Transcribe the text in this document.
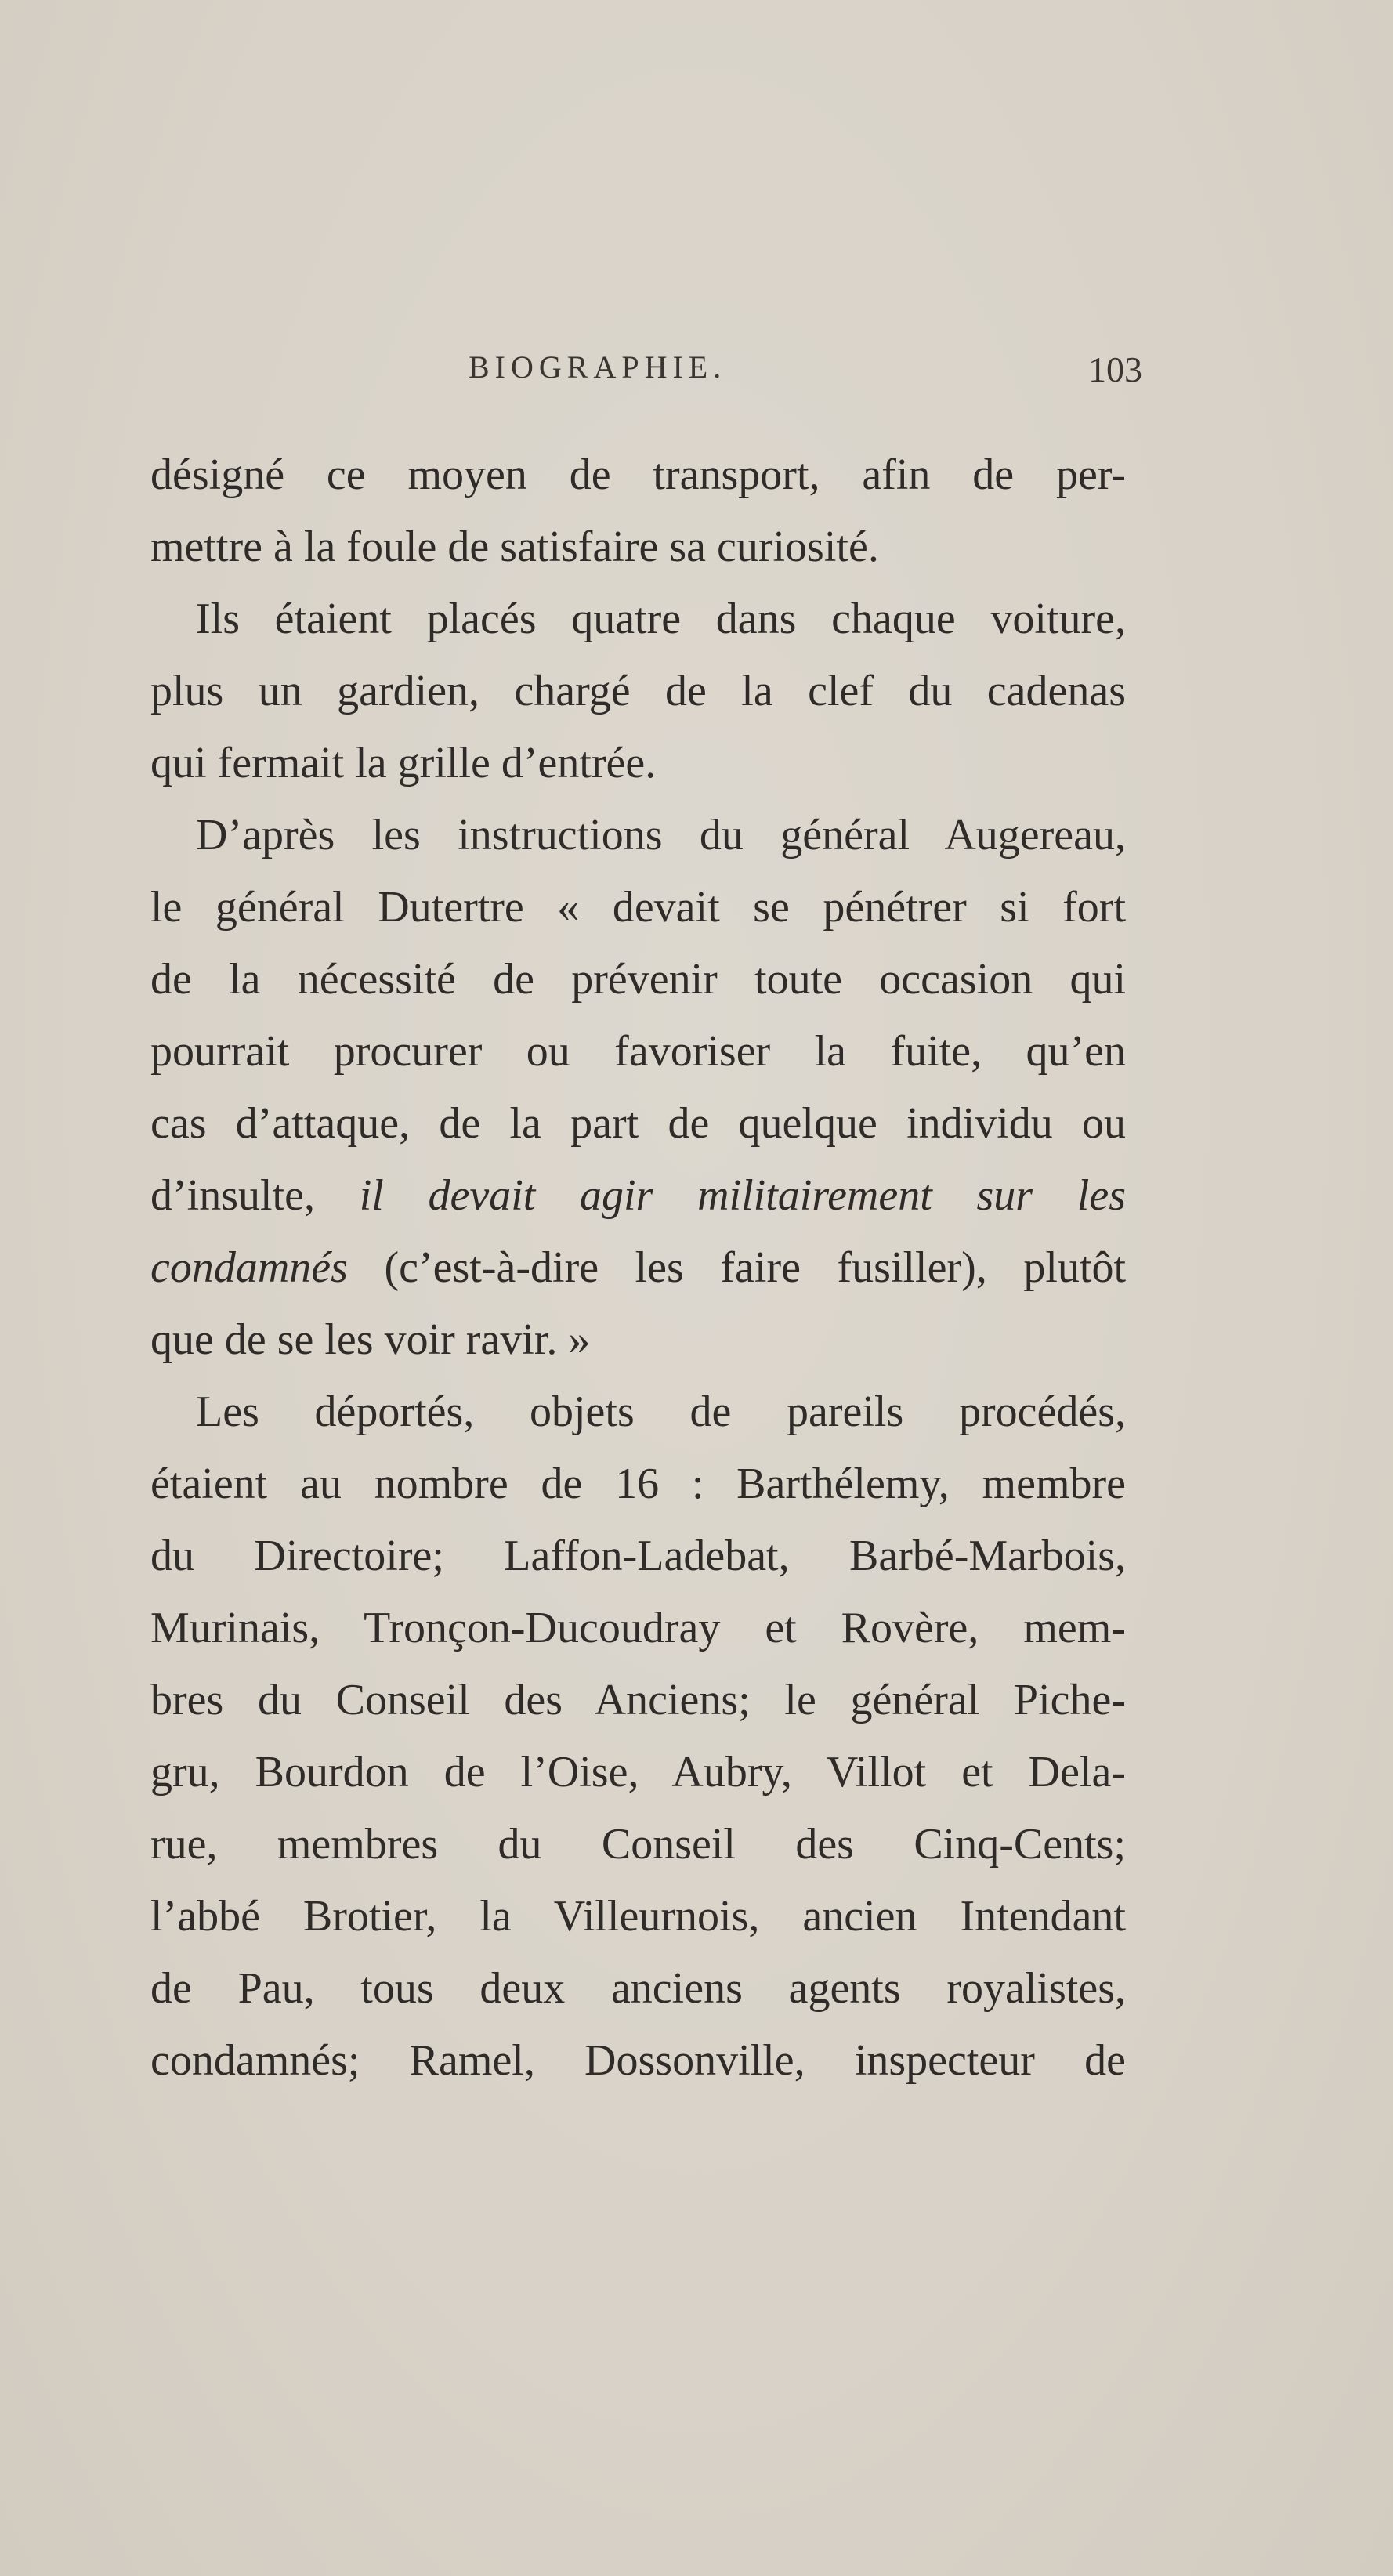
BIOGRAPHIE.	103
désigné ce moyen de transport, afin de per-
mettre à la foule de satisfaire sa curiosité.
Ils étaient placés quatre dans chaque voiture,
plus un gardien, chargé de la clef du cadenas
qui fermait la grille d’entrée.
D’après les instructions du général Augereau,
le général Dutertre « devait se pénétrer si fort
de la nécessité de prévenir toute occasion qui
pourrait procurer ou favoriser la fuite, qu’en
cas d’attaque, de la part de quelque individu ou
d’insulte, il devait agir militairement sur les
condamnés (c’est-à-dire les faire fusiller), plutôt
que de se les voir ravir. »
Les déportés, objets de pareils procédés,
étaient au nombre de 16 : Barthélemy, membre
du Directoire; Laffon-Ladebat, Barbé-Marbois,
Murinais, Tronçon-Ducoudray et Rovère, mem-
bres du Conseil des Anciens; le général Piche-
gru, Bourdon de l’Oise, Aubry, Villot et Dela-
rue, membres du Conseil des Cinq-Cents;
l’abbé Brotier, la Villeurnois, ancien Intendant
de Pau, tous deux anciens agents royalistes,
condamnés; Ramel, Dossonville, inspecteur de
